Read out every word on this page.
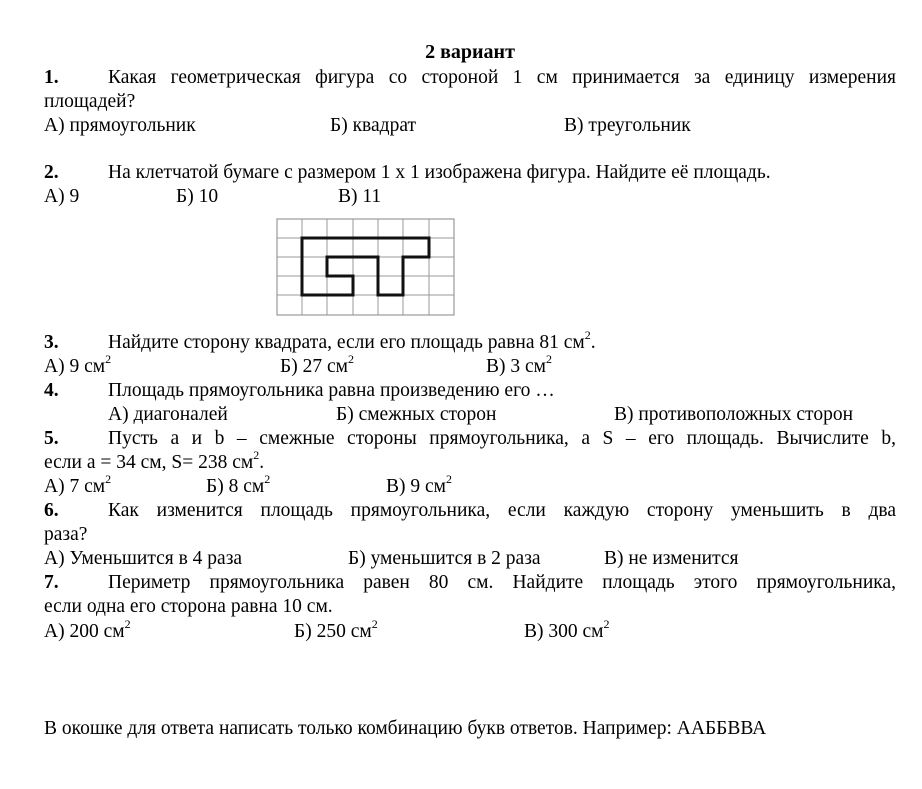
2 вариант
1.	Какая геометрическая фигура со стороной 1 см принимается за единицу измерения
площадей?
А) прямоугольник	Б) квадрат	В) треугольник
2.	На клетчатой бумаге с размером 1 х 1 изображена фигура. Найдите её площадь.
А) 9	Б) 10	В) 11
3.	Найдите сторону квадрата, если его площадь равна 81 $см^2$.
А) 9 $см^2$	Б) 27 $см^2$	В) 3 $см^2$
4.	Площадь прямоугольника равна произведению его …
А) диагоналей	Б) смежных сторон	В) противоположных сторон
5.	Пусть a и b – смежные стороны прямоугольника, а S – его площадь. Вычислите b,
если a = 34 см, S= 238 $см^2$.
А) 7 $см^2$	Б) 8 $см^2$	В) 9 $см^2$
6.	Как изменится площадь прямоугольника, если каждую сторону уменьшить в два
раза?
А) Уменьшится в 4 раза	Б) уменьшится в 2 раза	В) не изменится
7.	Периметр прямоугольника равен 80 см. Найдите площадь этого прямоугольника,
если одна его сторона равна 10 см.
А) 200 $см^2$	Б) 250 $см^2$	В) 300 $см^2$
В окошке для ответа написать только комбинацию букв ответов. Например: ААББВВА
